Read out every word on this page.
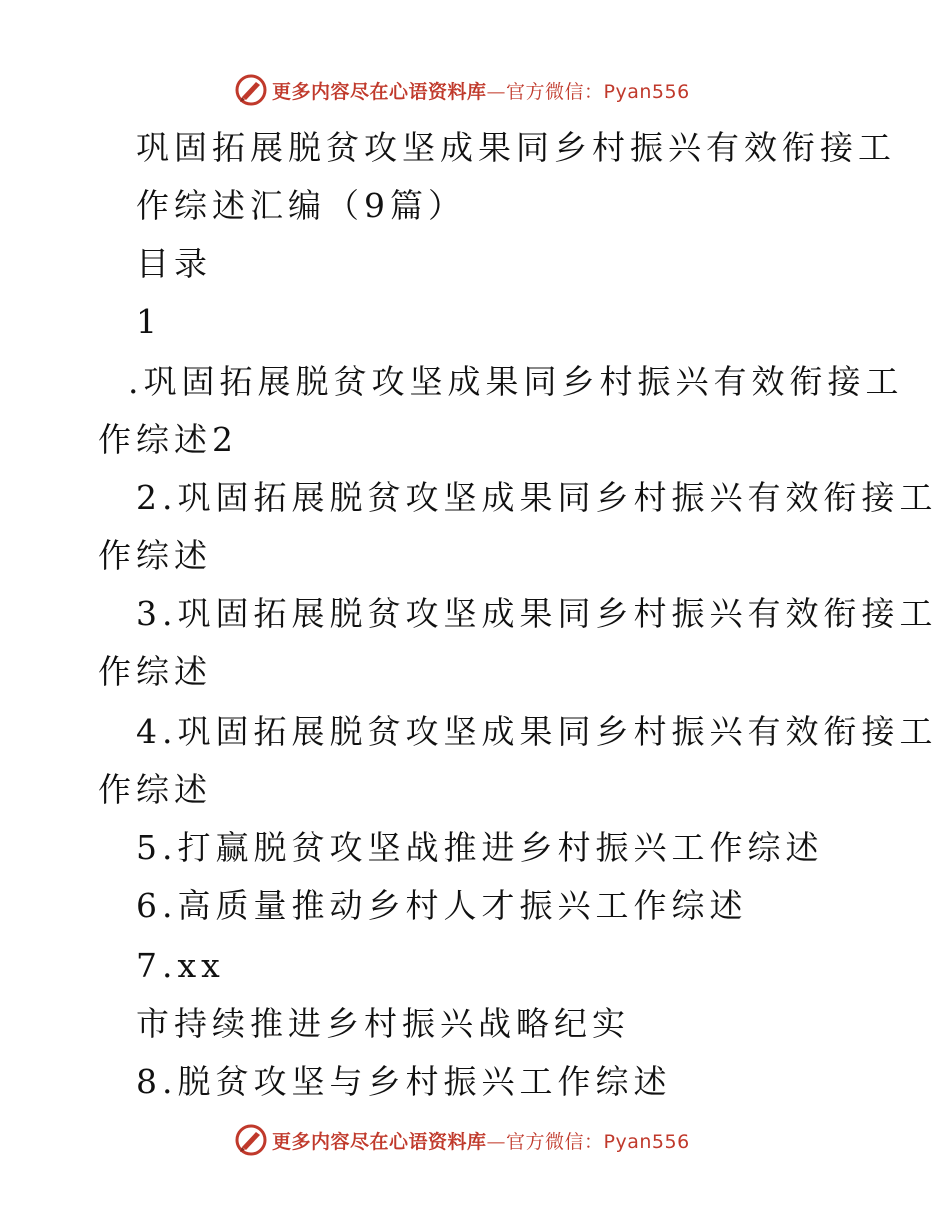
更多内容尽在心语资料库—官方微信：Pyan556
巩固拓展脱贫攻坚成果同乡村振兴有效衔接工
作综述汇编（9篇）
目录
1
.巩固拓展脱贫攻坚成果同乡村振兴有效衔接工
作综述2
2.巩固拓展脱贫攻坚成果同乡村振兴有效衔接工
作综述
3.巩固拓展脱贫攻坚成果同乡村振兴有效衔接工
作综述
4.巩固拓展脱贫攻坚成果同乡村振兴有效衔接工
作综述
5.打赢脱贫攻坚战推进乡村振兴工作综述
6.高质量推动乡村人才振兴工作综述
7.xx
市持续推进乡村振兴战略纪实
8.脱贫攻坚与乡村振兴工作综述
更多内容尽在心语资料库—官方微信：Pyan556
